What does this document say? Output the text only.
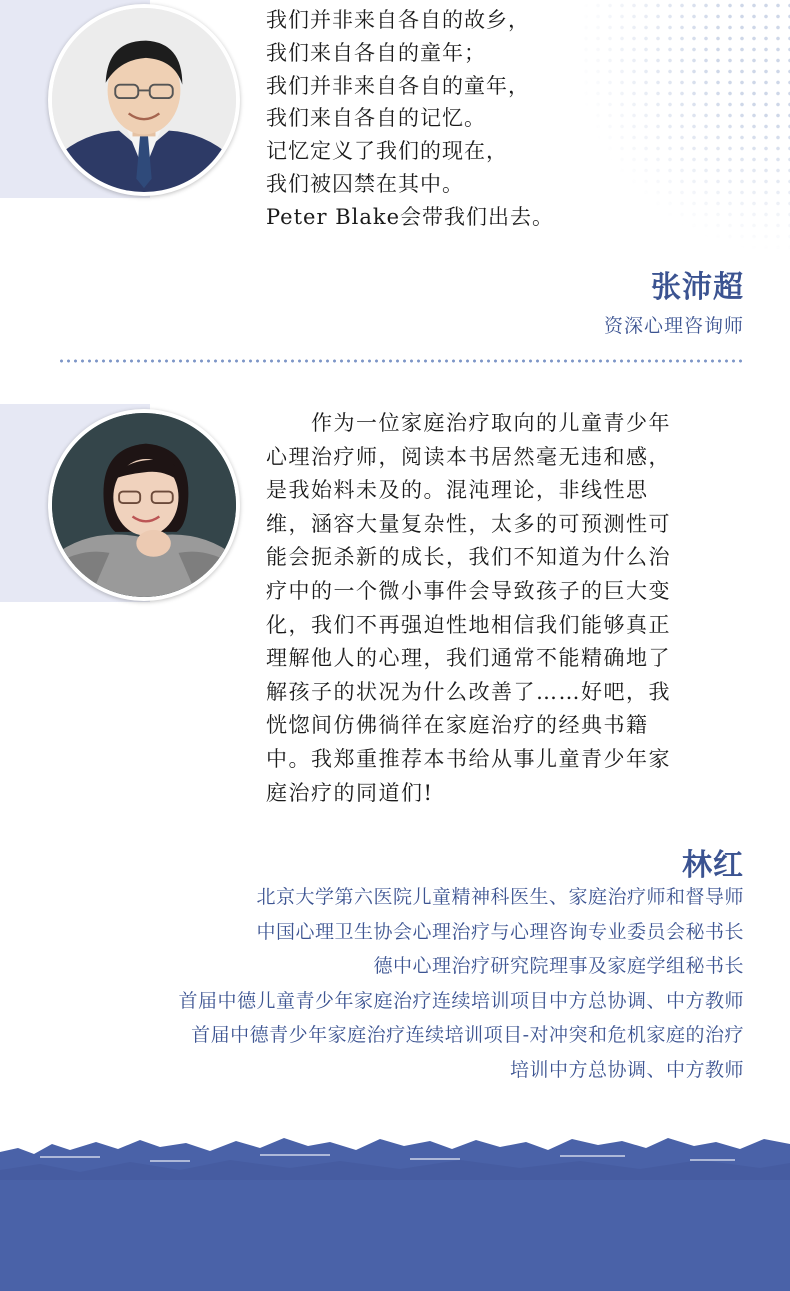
我们并非来自各自的故乡，
我们来自各自的童年；
我们并非来自各自的童年，
我们来自各自的记忆。
记忆定义了我们的现在，
我们被囚禁在其中。
Peter Blake会带我们出去。
张沛超
资深心理咨询师
　　作为一位家庭治疗取向的儿童青少年
心理治疗师，阅读本书居然毫无违和感，
是我始料未及的。混沌理论，非线性思
维，涵容大量复杂性，太多的可预测性可
能会扼杀新的成长，我们不知道为什么治
疗中的一个微小事件会导致孩子的巨大变
化，我们不再强迫性地相信我们能够真正
理解他人的心理，我们通常不能精确地了
解孩子的状况为什么改善了……好吧，我
恍惚间仿佛徜徉在家庭治疗的经典书籍
中。我郑重推荐本书给从事儿童青少年家
庭治疗的同道们!
林红
北京大学第六医院儿童精神科医生、家庭治疗师和督导师
中国心理卫生协会心理治疗与心理咨询专业委员会秘书长
德中心理治疗研究院理事及家庭学组秘书长
首届中德儿童青少年家庭治疗连续培训项目中方总协调、中方教师
首届中德青少年家庭治疗连续培训项目-对冲突和危机家庭的治疗
培训中方总协调、中方教师
